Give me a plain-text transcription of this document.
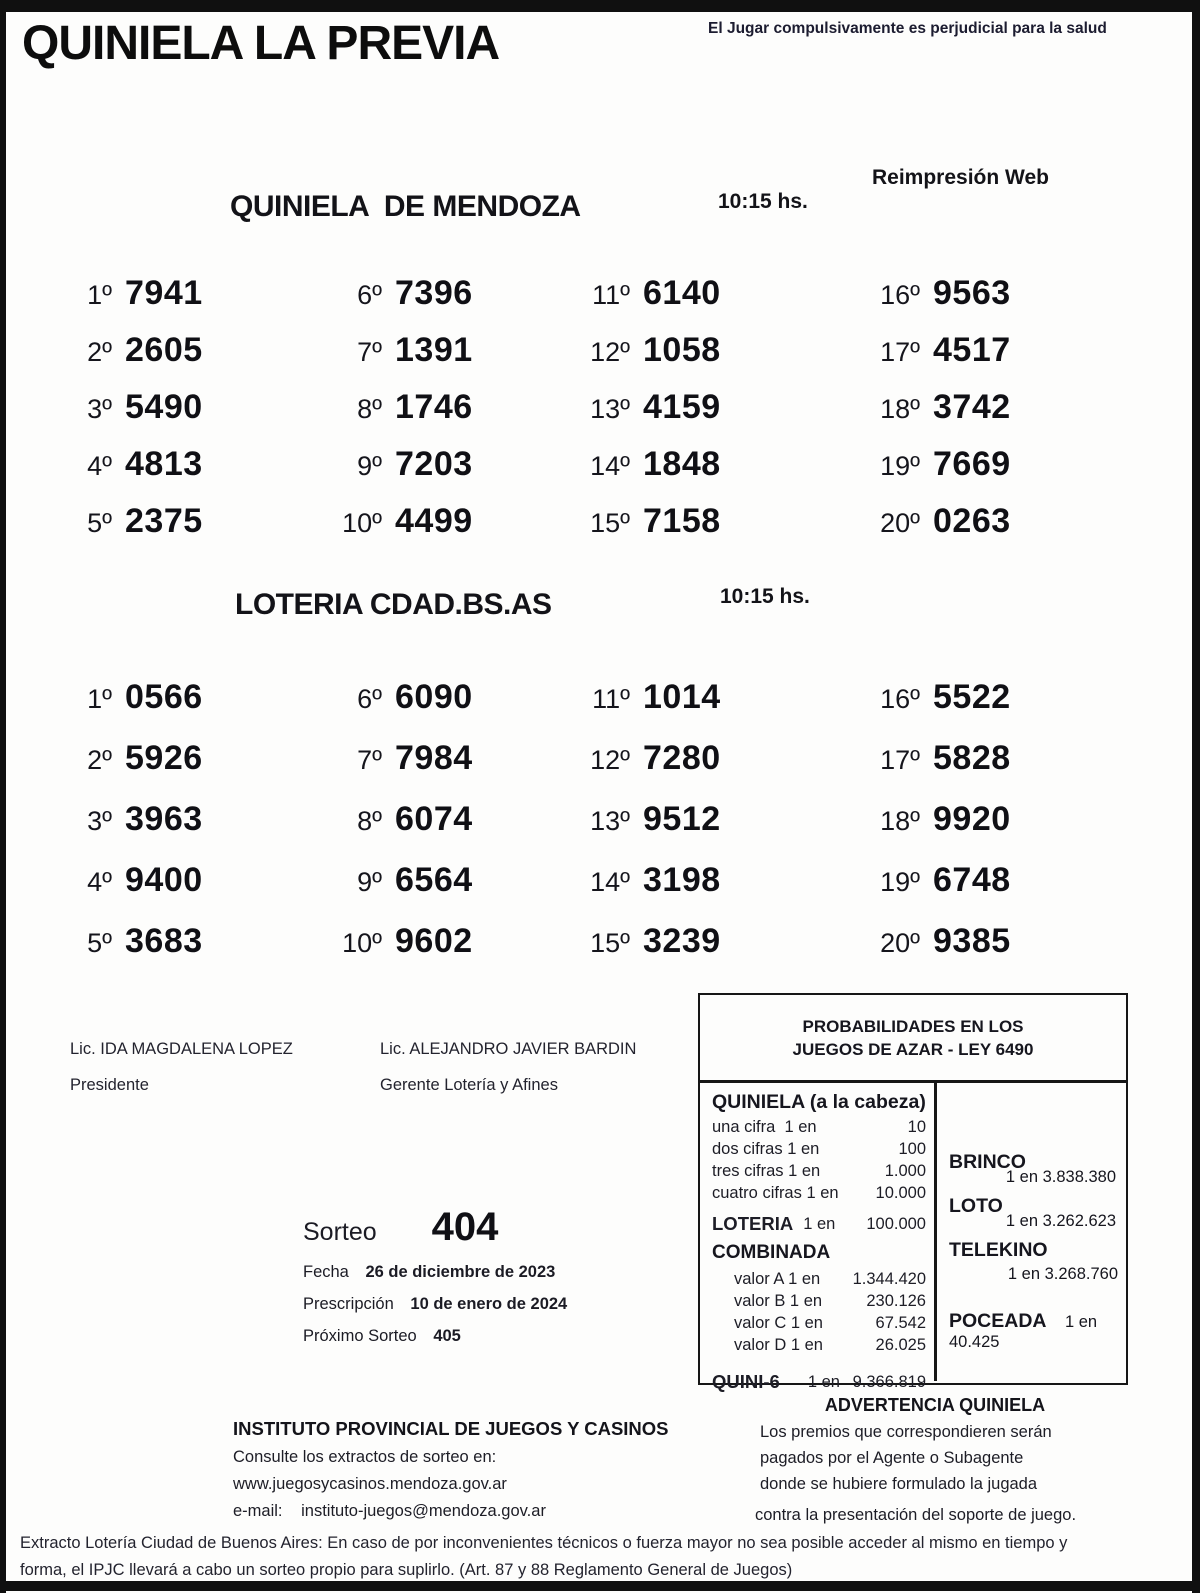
QUINIELA LA PREVIA	El Jugar compulsivamente es perjudicial para la salud
Reimpresión Web
QUINIELA  DE MENDOZA	10:15 hs.
1º 7941	6º 7396	11º 6140	16º 9563
2º 2605	7º 1391	12º 1058	17º 4517
3º 5490	8º 1746	13º 4159	18º 3742
4º 4813	9º 7203	14º 1848	19º 7669
5º 2375	10º 4499	15º 7158	20º 0263
LOTERIA CDAD.BS.AS	10:15 hs.
1º 0566	6º 6090	11º 1014	16º 5522
2º 5926	7º 7984	12º 7280	17º 5828
3º 3963	8º 6074	13º 9512	18º 9920
4º 9400	9º 6564	14º 3198	19º 6748
5º 3683	10º 9602	15º 3239	20º 9385
Lic. IDA MAGDALENA LOPEZ
Presidente
Lic. ALEJANDRO JAVIER BARDIN
Gerente Lotería y Afines
Sorteo 404
Fecha 26 de diciembre de 2023
Prescripción 10 de enero de 2024
Próximo Sorteo 405
PROBABILIDADES EN LOS
JUEGOS DE AZAR - LEY 6490
QUINIELA (a la cabeza)
una cifra  1 en	10
dos cifras 1 en	100
tres cifras 1 en	1.000
cuatro cifras 1 en	10.000
LOTERIA 1 en	100.000
COMBINADA
valor A 1 en	1.344.420
valor B 1 en	230.126
valor C 1 en	67.542
valor D 1 en	26.025
QUINI-6 1 en 9.366.819
BRINCO
1 en 3.838.380
LOTO
1 en 3.262.623
TELEKINO
1 en 3.268.760
POCEADA 1 en 40.425
ADVERTENCIA QUINIELA
Los premios que correspondieren serán
pagados por el Agente o Subagente
donde se hubiere formulado la jugada
contra la presentación del soporte de juego.
INSTITUTO PROVINCIAL DE JUEGOS Y CASINOS
Consulte los extractos de sorteo en:
www.juegosycasinos.mendoza.gov.ar
e-mail: instituto-juegos@mendoza.gov.ar
Extracto Lotería Ciudad de Buenos Aires: En caso de por inconvenientes técnicos o fuerza mayor no sea posible acceder al mismo en tiempo y
forma, el IPJC llevará a cabo un sorteo propio para suplirlo. (Art. 87 y 88 Reglamento General de Juegos)
